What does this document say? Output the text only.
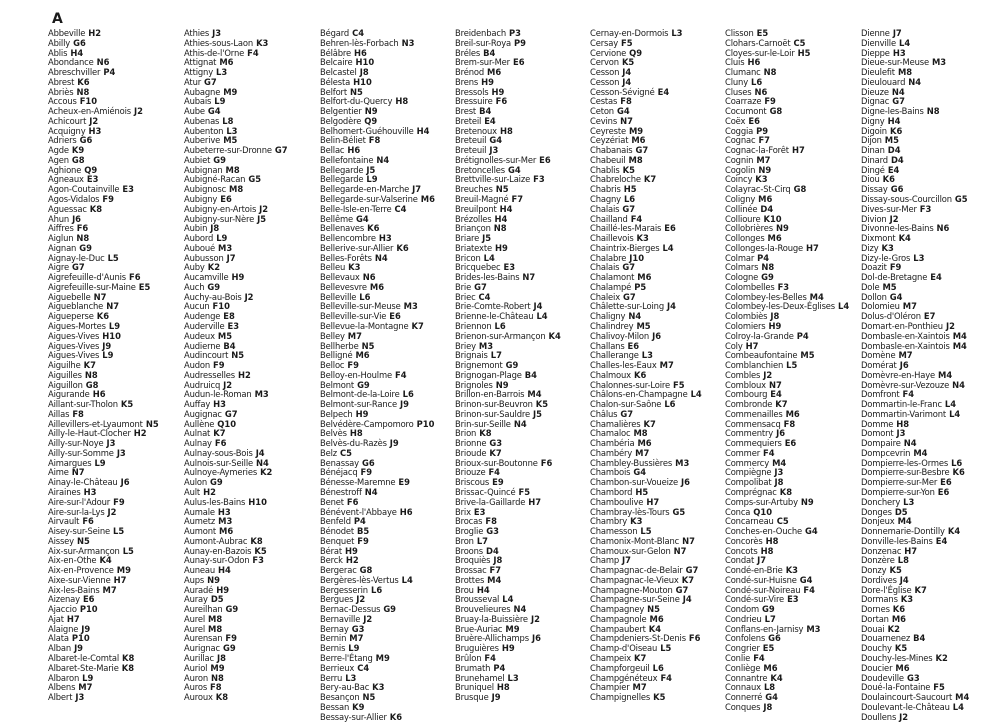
A
Abbeville H2
Abilly G6
Ablis H4
Abondance N6
Abreschviller P4
Abrest K6
Abriès N8
Accous F10
Acheux-en-Amiénois J2
Achicourt J2
Acquigny H3
Adriers G6
Agde K9
Agen G8
Aghione Q9
Agneaux E3
Agon-Coutainville E3
Agos-Vidalos F9
Aguessac K8
Ahun J6
Aiffres F6
Aiglun N8
Aignan G9
Aignay-le-Duc L5
Aigre G7
Aigrefeuille-d'Aunis F6
Aigrefeuille-sur-Maine E5
Aiguebelle N7
Aigueblanche N7
Aigueperse K6
Aigues-Mortes L9
Aigues-Vives H10
Aigues-Vives J9
Aigues-Vives L9
Aiguilhe K7
Aiguilles N8
Aiguillon G8
Aigurande H6
Aillant-sur-Tholon K5
Aillas F8
Aillevillers-et-Lyaumont N5
Ailly-le-Haut-Clocher H2
Ailly-sur-Noye J3
Ailly-sur-Somme J3
Aimargues L9
Aime N7
Ainay-le-Château J6
Airaines H3
Aire-sur-l'Adour F9
Aire-sur-la-Lys J2
Airvault F6
Aisey-sur-Seine L5
Aissey N5
Aix-sur-Armançon L5
Aix-en-Othe K4
Aix-en-Provence M9
Aixe-sur-Vienne H7
Aix-les-Bains M7
Aizenay E6
Ajaccio P10
Ajat H7
Alaigne J9
Alata P10
Alban J9
Albaret-le-Comtal K8
Albaret-Ste-Marie K8
Albaron L9
Albens M7
Albert J3
Athies J3
Athies-sous-Laon K3
Athis-de-l'Orne F4
Attignat M6
Attigny L3
Atur G7
Aubagne M9
Aubais L9
Aube G4
Aubenas L8
Aubenton L3
Auberive M5
Aubeterre-sur-Dronne G7
Aubiet G9
Aubignan M8
Aubigné-Racan G5
Aubignosc M8
Aubigny E6
Aubigny-en-Artois J2
Aubigny-sur-Nère J5
Aubin J8
Aubord L9
Auboué M3
Aubusson J7
Auby K2
Aucamville H9
Auch G9
Auchy-au-Bois J2
Aucun F10
Audenge E8
Auderville E3
Audeux M5
Audierne B4
Audincourt N5
Audon F9
Audresselles H2
Audruicq J2
Audun-le-Roman M3
Auffay H3
Augignac G7
Aullène Q10
Aulnat K7
Aulnay F6
Aulnay-sous-Bois J4
Aulnois-sur-Seille N4
Aulnoye-Aymeries K2
Aulon G9
Ault H2
Aulus-les-Bains H10
Aumale H3
Aumetz M3
Aumont M6
Aumont-Aubrac K8
Aunay-en-Bazois K5
Aunay-sur-Odon F3
Auneau H4
Aups N9
Auradé H9
Auray D5
Aureilhan G9
Aurel M8
Aurel M8
Aurensan F9
Aurignac G9
Aurillac J8
Auriol M9
Auron N8
Auros F8
Auroux K8
Bégard C4
Behren-lès-Forbach N3
Bélâbre H6
Belcaire H10
Belcastel J8
Bélesta H10
Belfort N5
Belfort-du-Quercy H8
Belgentier N9
Belgodère Q9
Belhomert-Guéhouville H4
Belin-Béliet F8
Bellac H6
Bellefontaine N4
Bellegarde J5
Bellegarde L9
Bellegarde-en-Marche J7
Bellegarde-sur-Valserine M6
Belle-Isle-en-Terre C4
Bellême G4
Bellenaves K6
Bellencombre H3
Bellerive-sur-Allier K6
Belles-Forêts N4
Belleu K3
Bellevaux N6
Bellevesvre M6
Belleville L6
Belleville-sur-Meuse M3
Belleville-sur-Vie E6
Bellevue-la-Montagne K7
Belley M7
Bellherbe N5
Belligné M6
Belloc F9
Belloy-en-Houlme F4
Belmont G9
Belmont-de-la-Loire L6
Belmont-sur-Rance J9
Belpech H9
Belvédère-Campomoro P10
Belvès H8
Belvès-du-Razès J9
Belz C5
Benassay G6
Bénéjacq F9
Bénesse-Maremne E9
Bénestroff N4
Benet F6
Bénévent-l'Abbaye H6
Benfeld P4
Bénodet B5
Benquet F9
Bérat H9
Berck H2
Bergerac G8
Bergères-lès-Vertus L4
Bergesserin L6
Bergues J2
Bernac-Dessus G9
Bernaville J2
Bernay G3
Bernin M7
Bernis L9
Berre-l'Étang M9
Berrieux C4
Berru L3
Bery-au-Bac K3
Besançon N5
Bessan K9
Bessay-sur-Allier K6
Breidenbach P3
Breil-sur-Roya P9
Bréles B4
Brem-sur-Mer E6
Brénod M6
Brens H9
Bressols H9
Bressuire F6
Brest B4
Breteil E4
Bretenoux H8
Breteuil G4
Breteuil J3
Brétignolles-sur-Mer E6
Bretoncelles G4
Brettville-sur-Laize F3
Breuches N5
Breuil-Magné F7
Breuilpont H4
Brézolles H4
Briançon N8
Briare J5
Briatexte H9
Bricon L4
Bricquebec E3
Brides-les-Bains N7
Brie G7
Briec C4
Brie-Comte-Robert J4
Brienne-le-Château L4
Briennon L6
Brienon-sur-Armançon K4
Briey M3
Brignais L7
Brignemont G9
Brignogan-Plage B4
Brignoles N9
Brillon-en-Barrois M4
Brinon-sur-Beuvron K5
Brinon-sur-Sauldre J5
Brin-sur-Seille N4
Brion K8
Brionne G3
Brioude K7
Brioux-sur-Boutonne F6
Briouze F4
Briscous E9
Brissac-Quincé F5
Brive-la-Gaillarde H7
Brix E3
Brocas F8
Broglie G3
Bron L7
Broons D4
Broquiès J8
Brossac F7
Brottes M4
Brou H4
Brousseval L4
Brouvelieures N4
Bruay-la-Buissière J2
Brue-Auriac M9
Bruère-Allichamps J6
Bruguières H9
Brûlon F4
Brumath P4
Brunehamel L3
Bruniquel H8
Brusque J9
Cernay-en-Dormois L3
Cersay F5
Cervione Q9
Cervon K5
Cesson J4
Cesson J4
Cesson-Sévigné E4
Cestas F8
Ceton G4
Cevins N7
Ceyreste M9
Ceyzériat M6
Chabanais G7
Chabeuil M8
Chablis K5
Chabreloche K7
Chabris H5
Chagny L6
Chalais G7
Chailland F4
Chaillé-les-Marais E6
Chaillevois K3
Chaintrix-Bierges L4
Chalabre J10
Chalais G7
Chalamont M6
Chalampé P5
Chaleix G7
Châlette-sur-Loing J4
Chaligny N4
Chalindrey M5
Chalivoy-Milon J6
Challans E6
Challerange L3
Challes-les-Eaux M7
Chalmoux K6
Chalonnes-sur-Loire F5
Châlons-en-Champagne L4
Chalon-sur-Saône L6
Châlus G7
Chamalières K7
Chamaloc M8
Chambéria M6
Chambéry M7
Chambley-Bussières M3
Chambois G4
Chambon-sur-Voueize J6
Chambord H5
Chamboulive H7
Chambray-lès-Tours G5
Chambry K3
Chamesson L5
Chamonix-Mont-Blanc N7
Chamoux-sur-Gelon N7
Champ J7
Champagnac-de-Belair G7
Champagnac-le-Vieux K7
Champagne-Mouton G7
Champagne-sur-Seine J4
Champagney N5
Champagnole M6
Champaubert K4
Champdeniers-St-Denis F6
Champ-d'Oiseau L5
Champeix K7
Champforgeuil L6
Champgénéteux F4
Champier M7
Champignelles K5
Clisson E5
Clohars-Carnoët C5
Cloyes-sur-le-Loir H5
Cluis H6
Clumanc N8
Cluny L6
Cluses N6
Coarraze F9
Cocumont G8
Coëx E6
Coggia P9
Cognac F7
Cognac-la-Forêt H7
Cognin M7
Cogolin N9
Coincy K3
Colayrac-St-Cirq G8
Coligny M6
Collinée D4
Collioure K10
Collobrières N9
Collonges M6
Collonges-la-Rouge H7
Colmar P4
Colmars N8
Cologne G9
Colombelles F3
Colombey-les-Belles M4
Colombey-les-Deux-Églises L4
Colombiès J8
Colomiers H9
Colroy-la-Grande P4
Coly H7
Combeaufontaine M5
Comblanchien L5
Combles J2
Combloux N7
Combourg E4
Combronde K7
Commenailles M6
Commensacq F8
Commentry J6
Commequiers E6
Commer F4
Commercy M4
Compiègne J3
Compolibat J8
Comprégnac K8
Comps-sur-Artuby N9
Conca Q10
Concarneau C5
Conches-en-Ouche G4
Concorès H8
Concots H8
Condat J7
Condé-en-Brie K3
Condé-sur-Huisne G4
Condé-sur-Noireau F4
Condé-sur-Vire E3
Condom G9
Condrieu L7
Conflans-en-Jarnisy M3
Confolens G6
Congrier E5
Conlie F4
Conliège M6
Connantre K4
Connaux L8
Connerré G4
Conques J8
Dienne J7
Dienville L4
Dieppe H3
Dieue-sur-Meuse M3
Dieulefit M8
Dieulouard N4
Dieuze N4
Dignac G7
Digne-les-Bains N8
Digny H4
Digoin K6
Dijon M5
Dinan D4
Dinard D4
Dingé E4
Diou K6
Dissay G6
Dissay-sous-Courcillon G5
Dives-sur-Mer F3
Divion J2
Divonne-les-Bains N6
Dixmont K4
Dizy K3
Dizy-le-Gros L3
Doazit F9
Dol-de-Bretagne E4
Dole M5
Dollon G4
Dolomieu M7
Dolus-d'Oléron E7
Domart-en-Ponthieu J2
Dombasle-en-Xaintois M4
Dombasle-en-Xaintois M4
Domène M7
Domérat J6
Domèvre-en-Haye M4
Domèvre-sur-Vezouze N4
Domfront F4
Dommartin-le-Franc L4
Dommartin-Varimont L4
Domme H8
Domont J3
Dompaire N4
Dompcevrin M4
Dompierre-les-Ormes L6
Dompierre-sur-Besbre K6
Dompierre-sur-Mer E6
Dompierre-sur-Yon E6
Donchery L3
Donges D5
Donjeux M4
Donnemarie-Dontilly K4
Donville-les-Bains E4
Donzenac H7
Donzère L8
Donzy K5
Dordives J4
Dore-l'Église K7
Dormans K3
Dornes K6
Dortan M6
Douai K2
Douarnenez B4
Douchy K5
Douchy-les-Mines K2
Doucier M6
Doudeville G3
Doué-la-Fontaine F5
Doulaincourt-Saucourt M4
Doulevant-le-Château L4
Doullens J2
